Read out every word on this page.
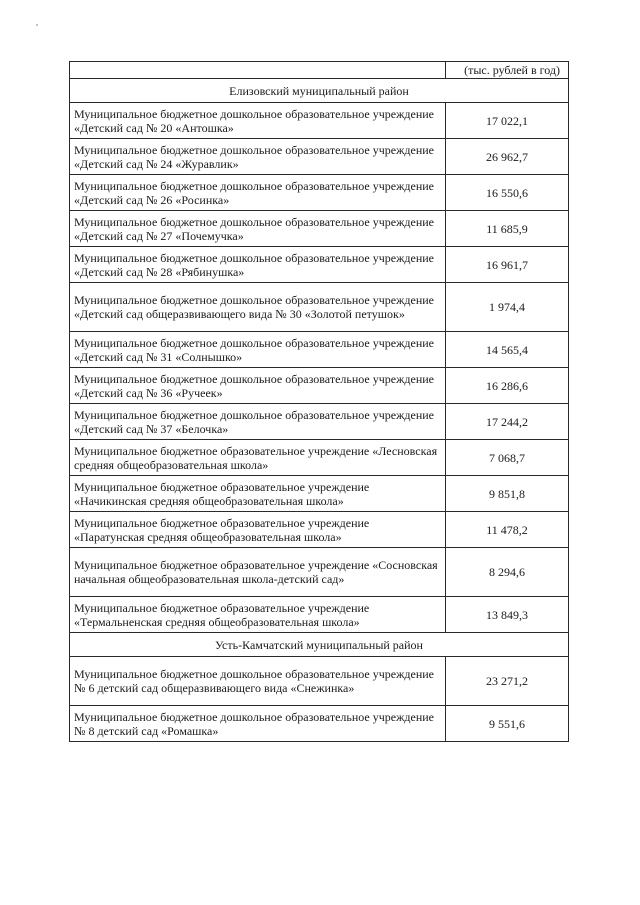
	(тыс. рублей в год)
Елизовский муниципальный район	
Муниципальное бюджетное дошкольное образовательное учреждение «Детский сад № 20 «Антошка»	17 022,1
Муниципальное бюджетное дошкольное образовательное учреждение «Детский сад № 24 «Журавлик»	26 962,7
Муниципальное бюджетное дошкольное образовательное учреждение «Детский сад № 26 «Росинка»	16 550,6
Муниципальное бюджетное дошкольное образовательное учреждение «Детский сад № 27 «Почемучка»	11 685,9
Муниципальное бюджетное дошкольное образовательное учреждение «Детский сад № 28 «Рябинушка»	16 961,7
Муниципальное бюджетное дошкольное образовательное учреждение «Детский сад общеразвивающего вида № 30 «Золотой петушок»	1 974,4
Муниципальное бюджетное дошкольное образовательное учреждение «Детский сад № 31 «Солнышко»	14 565,4
Муниципальное бюджетное дошкольное образовательное учреждение «Детский сад № 36 «Ручеек»	16 286,6
Муниципальное бюджетное дошкольное образовательное учреждение «Детский сад № 37 «Белочка»	17 244,2
Муниципальное бюджетное образовательное учреждение «Лесновская средняя общеобразовательная школа»	7 068,7
Муниципальное бюджетное образовательное учреждение «Начикинская средняя общеобразовательная школа»	9 851,8
Муниципальное бюджетное образовательное учреждение «Паратунская средняя общеобразовательная школа»	11 478,2
Муниципальное бюджетное образовательное учреждение «Сосновская начальная общеобразовательная школа-детский сад»	8 294,6
Муниципальное бюджетное образовательное учреждение «Термальненская средняя общеобразовательная школа»	13 849,3
Усть-Камчатский муниципальный район	
Муниципальное бюджетное дошкольное образовательное учреждение № 6 детский сад общеразвивающего вида «Снежинка»	23 271,2
Муниципальное бюджетное дошкольное образовательное учреждение № 8 детский сад «Ромашка»	9 551,6
